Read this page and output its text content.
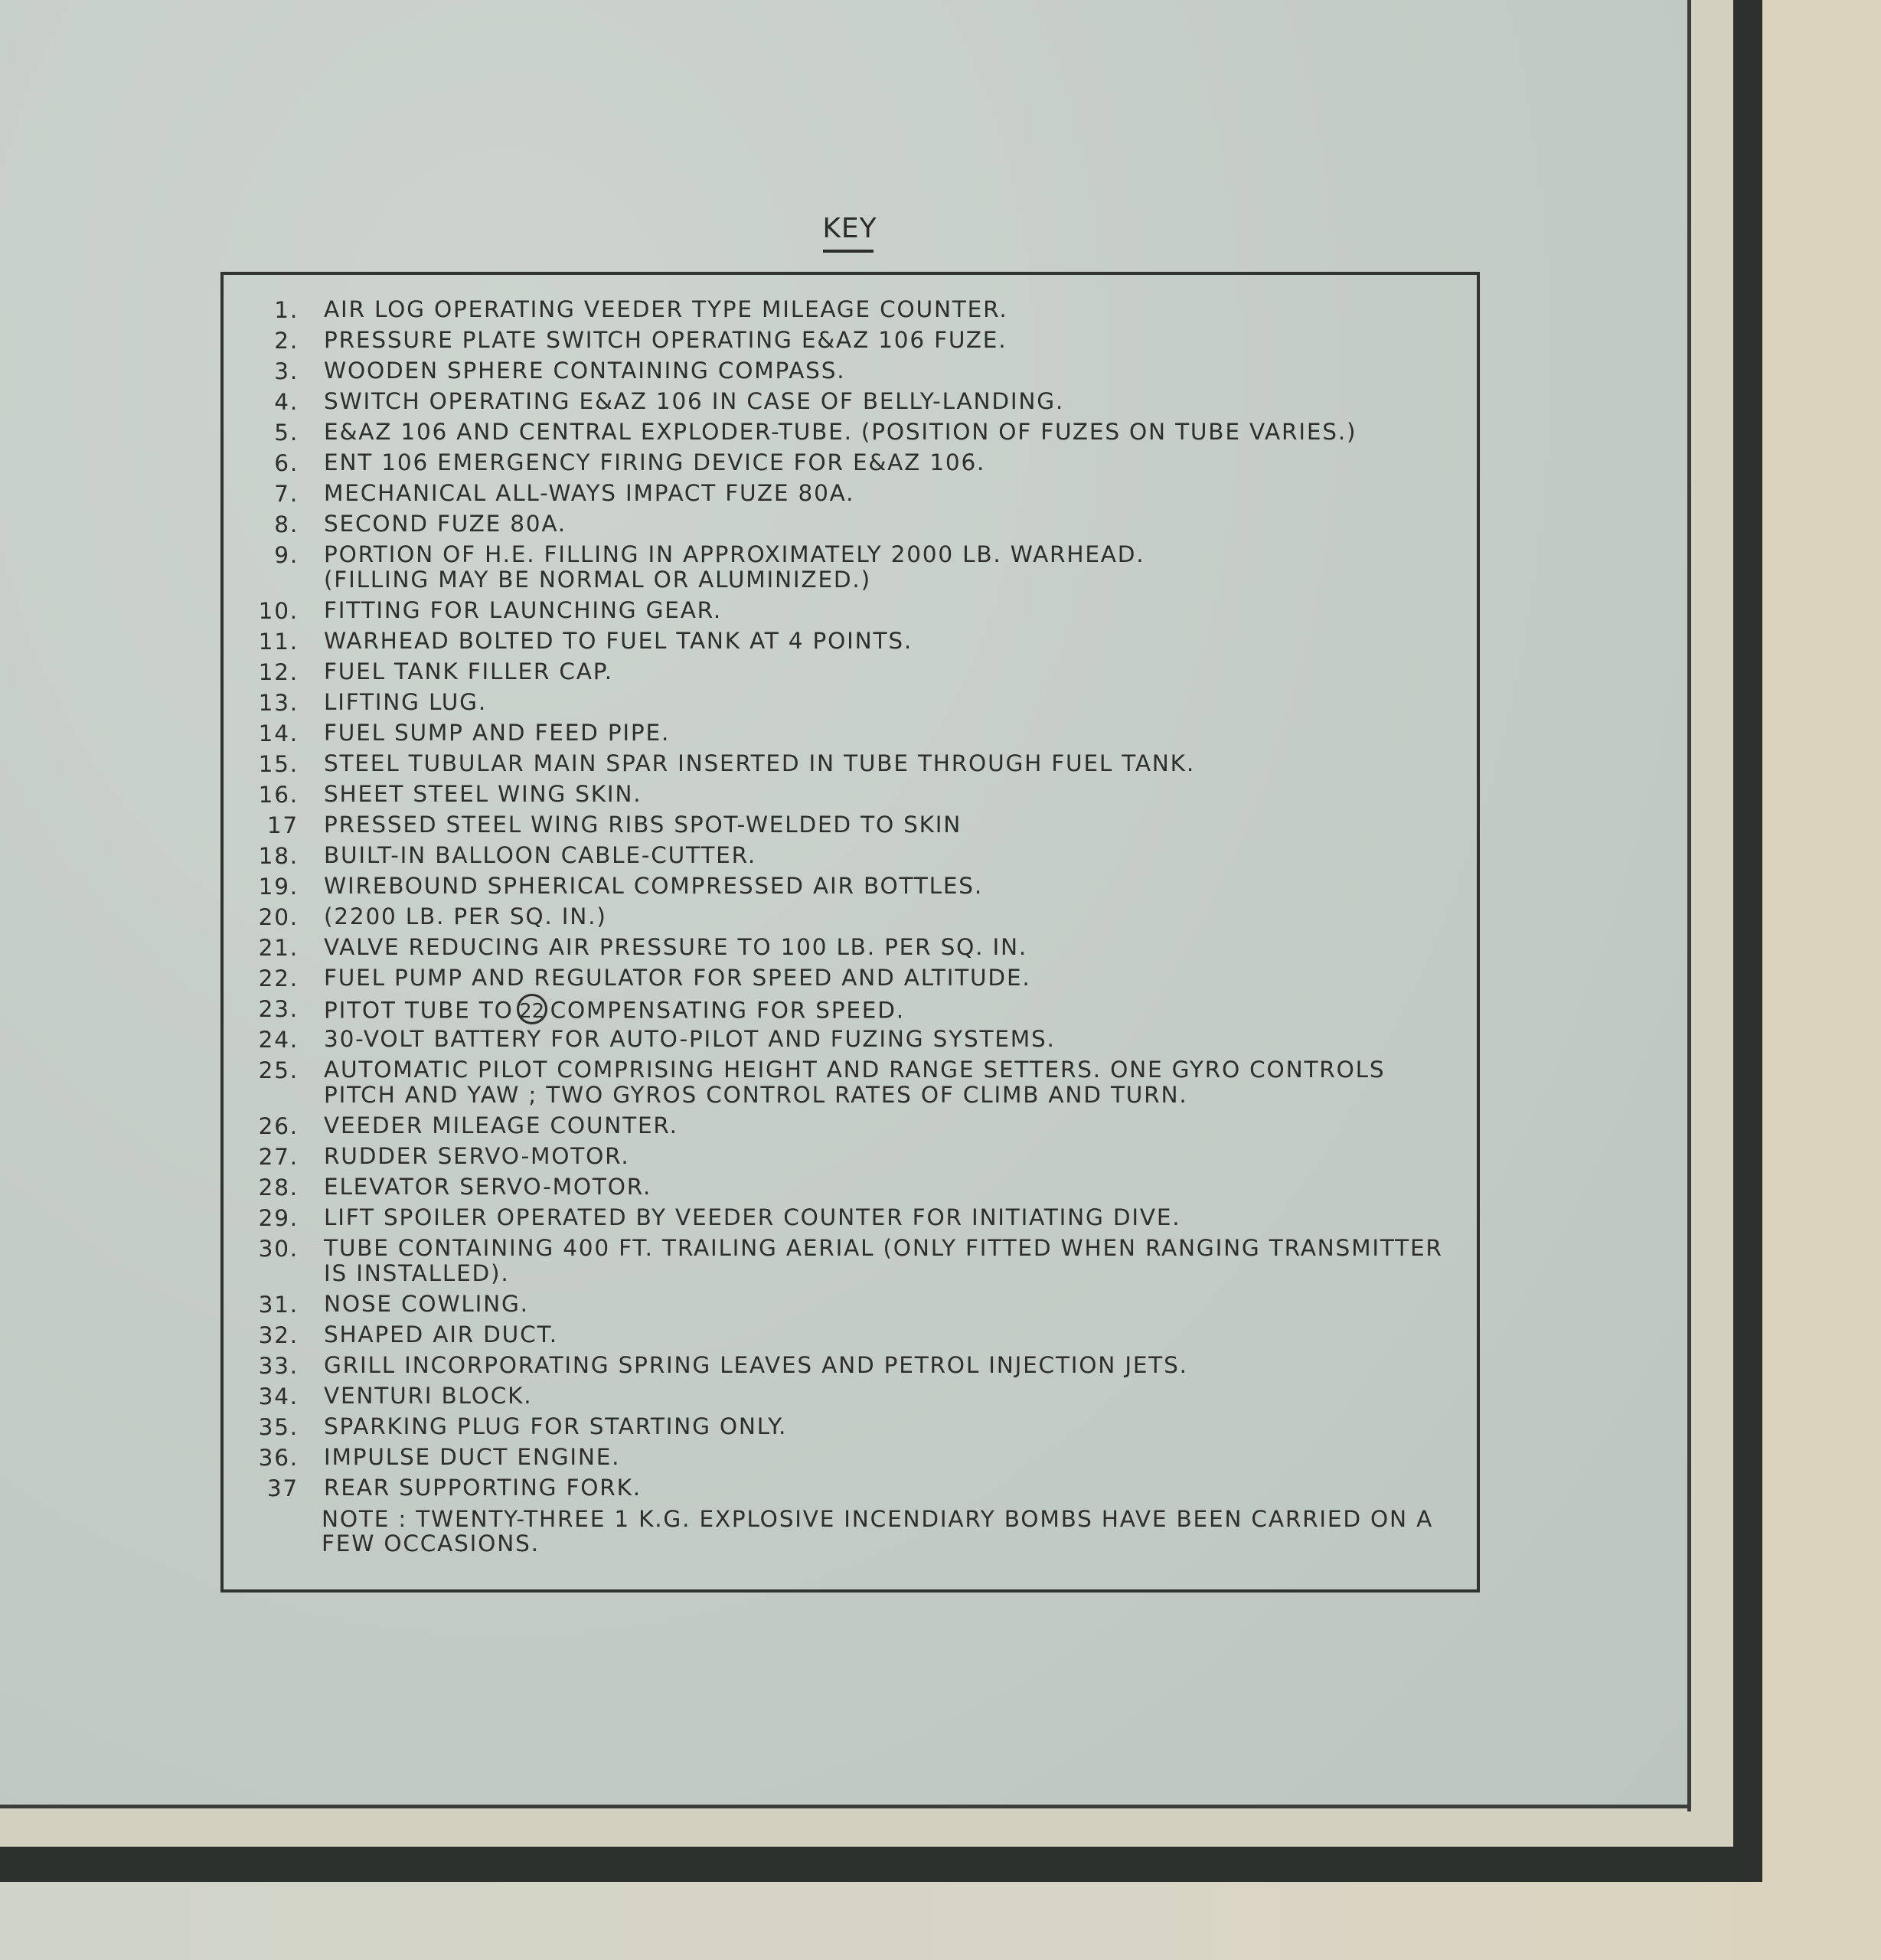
KEY
1.	AIR LOG OPERATING VEEDER TYPE MILEAGE COUNTER.
2.	PRESSURE PLATE SWITCH OPERATING E&AZ 106 FUZE.
3.	WOODEN SPHERE CONTAINING COMPASS.
4.	SWITCH OPERATING E&AZ 106 IN CASE OF BELLY-LANDING.
5.	E&AZ 106 AND CENTRAL EXPLODER-TUBE. (POSITION OF FUZES ON TUBE VARIES.)
6.	ENT 106 EMERGENCY FIRING DEVICE FOR E&AZ 106.
7.	MECHANICAL ALL-WAYS IMPACT FUZE 80A.
8.	SECOND FUZE 80A.
9.	PORTION OF H.E. FILLING IN APPROXIMATELY 2000 LB. WARHEAD.
(FILLING MAY BE NORMAL OR ALUMINIZED.)
10.	FITTING FOR LAUNCHING GEAR.
11.	WARHEAD BOLTED TO FUEL TANK AT 4 POINTS.
12.	FUEL TANK FILLER CAP.
13.	LIFTING LUG.
14.	FUEL SUMP AND FEED PIPE.
15.	STEEL TUBULAR MAIN SPAR INSERTED IN TUBE THROUGH FUEL TANK.
16.	SHEET STEEL WING SKIN.
17	PRESSED STEEL WING RIBS SPOT-WELDED TO SKIN
18.	BUILT-IN BALLOON CABLE-CUTTER.
19.	WIREBOUND SPHERICAL COMPRESSED AIR BOTTLES.
20.	(2200 LB. PER SQ. IN.)
21.	VALVE REDUCING AIR PRESSURE TO 100 LB. PER SQ. IN.
22.	FUEL PUMP AND REGULATOR FOR SPEED AND ALTITUDE.
23.	PITOT TUBE TO 22 COMPENSATING FOR SPEED.
24.	30-VOLT BATTERY FOR AUTO-PILOT AND FUZING SYSTEMS.
25.	AUTOMATIC PILOT COMPRISING HEIGHT AND RANGE SETTERS. ONE GYRO CONTROLS
PITCH AND YAW ; TWO GYROS CONTROL RATES OF CLIMB AND TURN.
26.	VEEDER MILEAGE COUNTER.
27.	RUDDER SERVO-MOTOR.
28.	ELEVATOR SERVO-MOTOR.
29.	LIFT SPOILER OPERATED BY VEEDER COUNTER FOR INITIATING DIVE.
30.	TUBE CONTAINING 400 FT. TRAILING AERIAL (ONLY FITTED WHEN RANGING TRANSMITTER
IS INSTALLED).
31.	NOSE COWLING.
32.	SHAPED AIR DUCT.
33.	GRILL INCORPORATING SPRING LEAVES AND PETROL INJECTION JETS.
34.	VENTURI BLOCK.
35.	SPARKING PLUG FOR STARTING ONLY.
36.	IMPULSE DUCT ENGINE.
37	REAR SUPPORTING FORK.
NOTE : TWENTY-THREE 1 K.G. EXPLOSIVE INCENDIARY BOMBS HAVE BEEN CARRIED ON A
FEW OCCASIONS.
